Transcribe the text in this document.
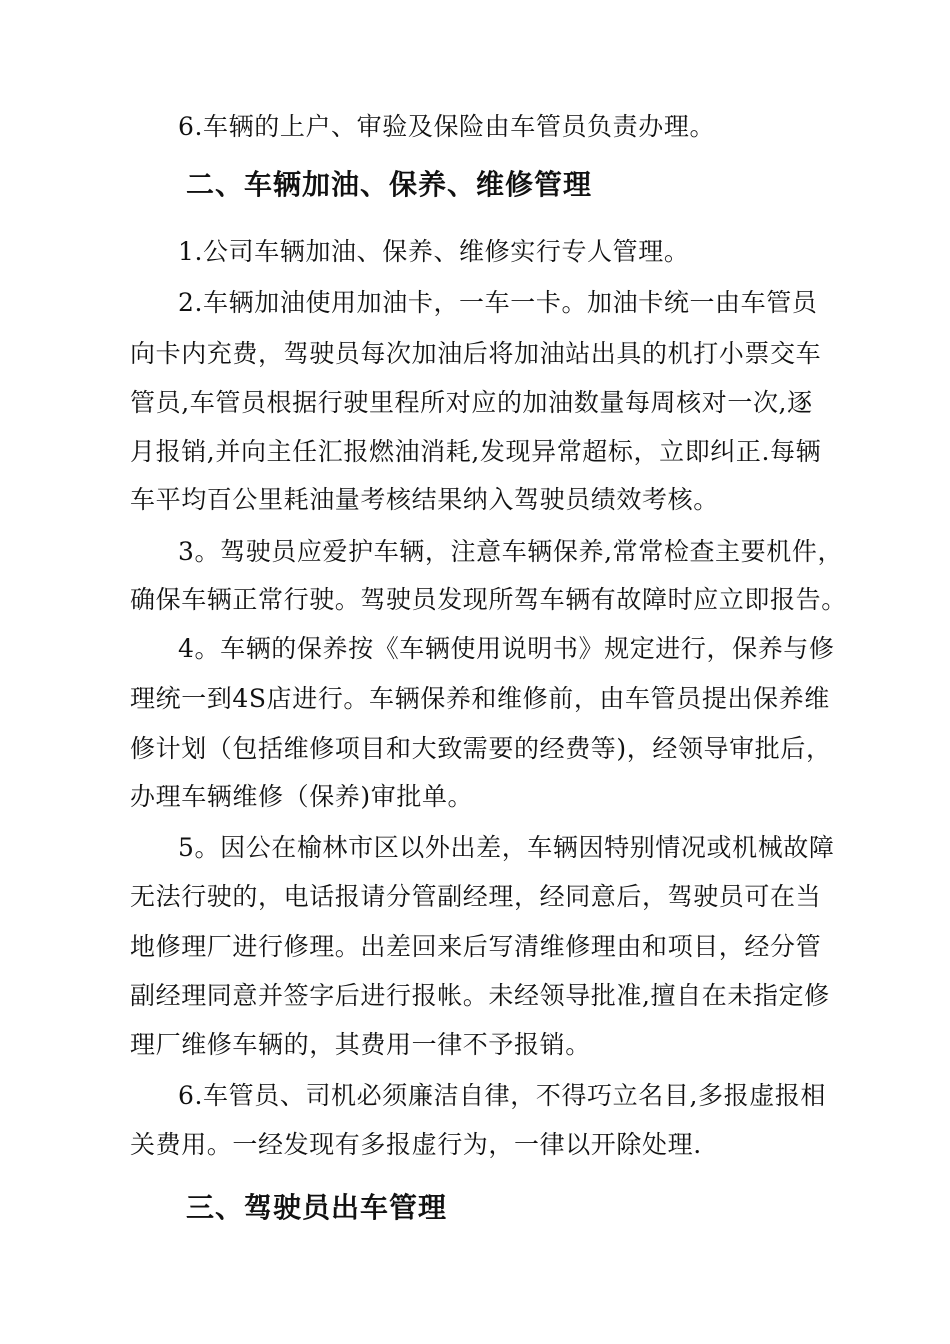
6.车辆的上户、审验及保险由车管员负责办理。
二、车辆加油、保养、维修管理
1.公司车辆加油、保养、维修实行专人管理。
2.车辆加油使用加油卡，一车一卡。加油卡统一由车管员
向卡内充费，驾驶员每次加油后将加油站出具的机打小票交车
管员,车管员根据行驶里程所对应的加油数量每周核对一次,逐
月报销,并向主任汇报燃油消耗,发现异常超标，立即纠正.每辆
车平均百公里耗油量考核结果纳入驾驶员绩效考核。
3。驾驶员应爱护车辆，注意车辆保养,常常检查主要机件，
确保车辆正常行驶。驾驶员发现所驾车辆有故障时应立即报告。
4。车辆的保养按《车辆使用说明书》规定进行，保养与修
理统一到4S店进行。车辆保养和维修前，由车管员提出保养维
修计划（包括维修项目和大致需要的经费等)，经领导审批后，
办理车辆维修（保养)审批单。
5。因公在榆林市区以外出差，车辆因特别情况或机械故障
无法行驶的，电话报请分管副经理，经同意后，驾驶员可在当
地修理厂进行修理。出差回来后写清维修理由和项目，经分管
副经理同意并签字后进行报帐。未经领导批准,擅自在未指定修
理厂维修车辆的，其费用一律不予报销。
6.车管员、司机必须廉洁自律，不得巧立名目,多报虚报相
关费用。一经发现有多报虚行为，一律以开除处理.
三、驾驶员出车管理
